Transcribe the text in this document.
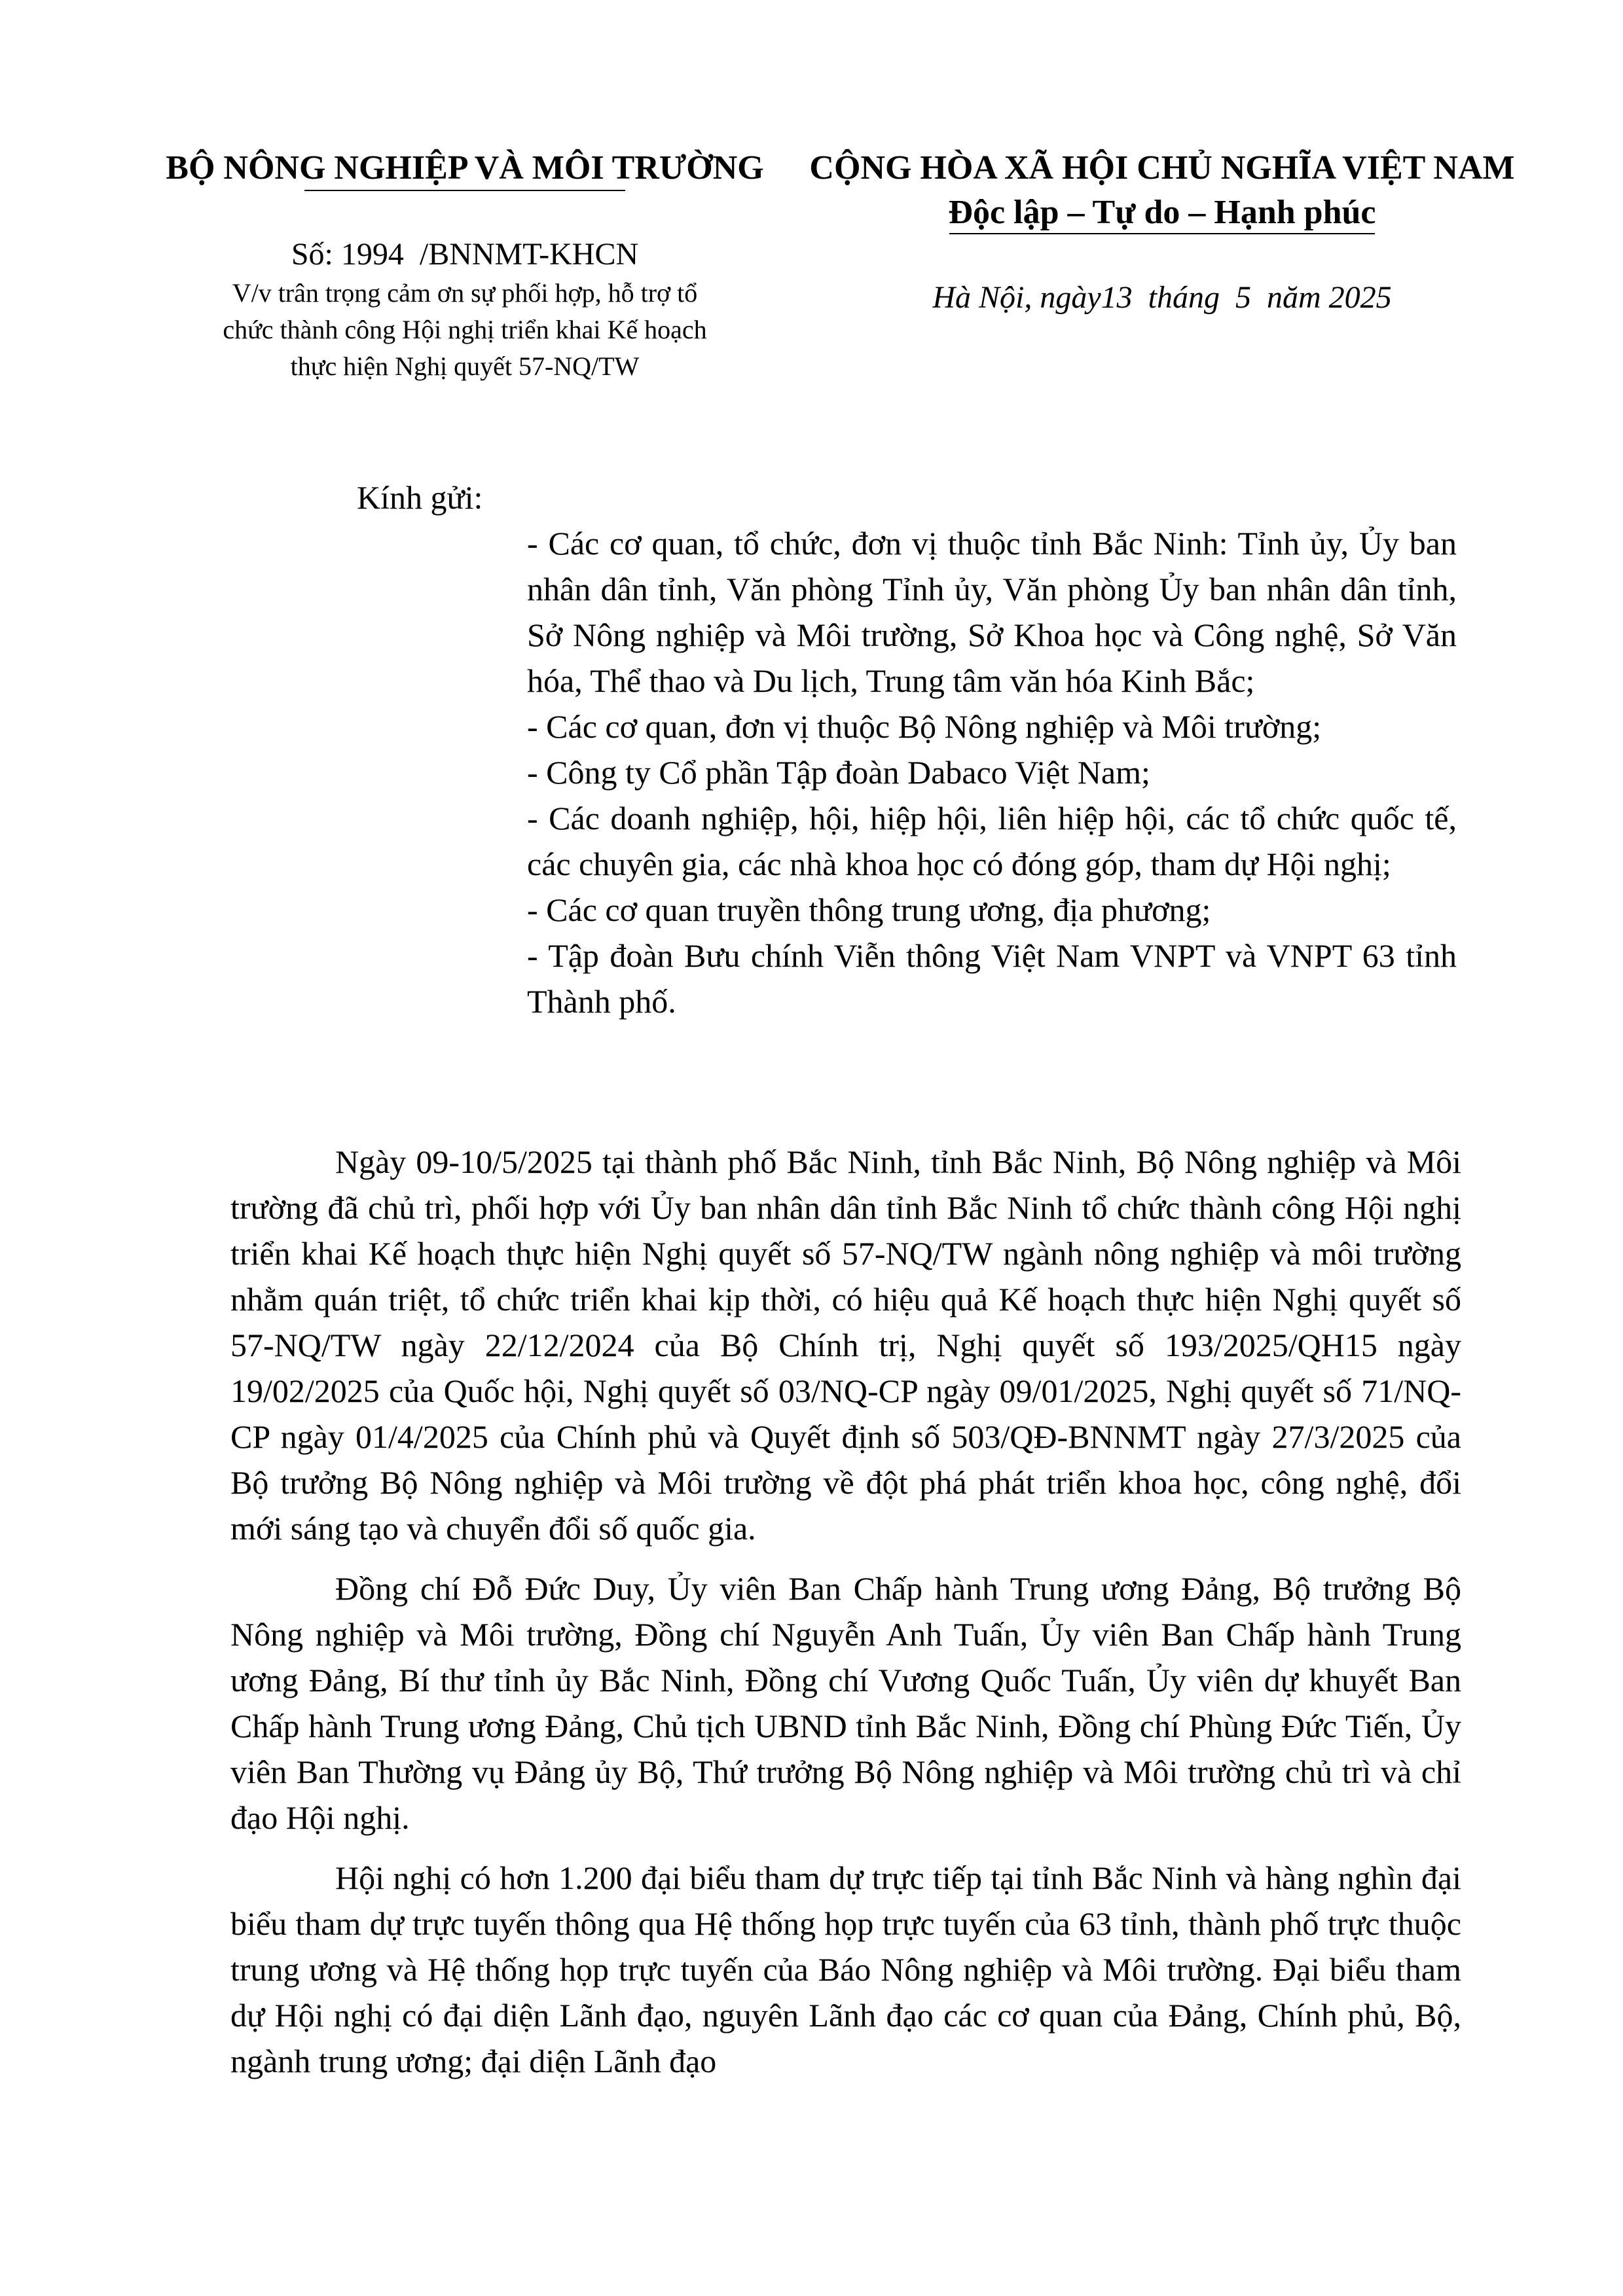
BỘ NÔNG NGHIỆP VÀ MÔI TRƯỜNG
Số: 1994  /BNNMT-KHCN
V/v trân trọng cảm ơn sự phối hợp, hỗ trợ tổ
chức thành công Hội nghị triển khai Kế hoạch
thực hiện Nghị quyết 57-NQ/TW
CỘNG HÒA XÃ HỘI CHỦ NGHĨA VIỆT NAM
Độc lập – Tự do – Hạnh phúc
Hà Nội, ngày13  tháng  5  năm 2025
Kính gửi:
- Các cơ quan, tổ chức, đơn vị thuộc tỉnh Bắc Ninh: Tỉnh ủy, Ủy ban nhân dân tỉnh, Văn phòng Tỉnh ủy, Văn phòng Ủy ban nhân dân tỉnh, Sở Nông nghiệp và Môi trường, Sở Khoa học và Công nghệ, Sở Văn hóa, Thể thao và Du lịch, Trung tâm văn hóa Kinh Bắc;
- Các cơ quan, đơn vị thuộc Bộ Nông nghiệp và Môi trường;
- Công ty Cổ phần Tập đoàn Dabaco Việt Nam;
- Các doanh nghiệp, hội, hiệp hội, liên hiệp hội, các tổ chức quốc tế, các chuyên gia, các nhà khoa học có đóng góp, tham dự Hội nghị;
- Các cơ quan truyền thông trung ương, địa phương;
- Tập đoàn Bưu chính Viễn thông Việt Nam VNPT và VNPT 63 tỉnh Thành phố.

Ngày 09-10/5/2025 tại thành phố Bắc Ninh, tỉnh Bắc Ninh, Bộ Nông nghiệp và Môi trường đã chủ trì, phối hợp với Ủy ban nhân dân tỉnh Bắc Ninh tổ chức thành công Hội nghị triển khai Kế hoạch thực hiện Nghị quyết số 57-NQ/TW ngành nông nghiệp và môi trường nhằm quán triệt, tổ chức triển khai kịp thời, có hiệu quả Kế hoạch thực hiện Nghị quyết số 57-NQ/TW ngày 22/12/2024 của Bộ Chính trị, Nghị quyết số 193/2025/QH15 ngày 19/02/2025 của Quốc hội, Nghị quyết số 03/NQ-CP ngày 09/01/2025, Nghị quyết số 71/NQ-CP ngày 01/4/2025 của Chính phủ và Quyết định số 503/QĐ-BNNMT ngày 27/3/2025 của Bộ trưởng Bộ Nông nghiệp và Môi trường về đột phá phát triển khoa học, công nghệ, đổi mới sáng tạo và chuyển đổi số quốc gia.

Đồng chí Đỗ Đức Duy, Ủy viên Ban Chấp hành Trung ương Đảng, Bộ trưởng Bộ Nông nghiệp và Môi trường, Đồng chí Nguyễn Anh Tuấn, Ủy viên Ban Chấp hành Trung ương Đảng, Bí thư tỉnh ủy Bắc Ninh, Đồng chí Vương Quốc Tuấn, Ủy viên dự khuyết Ban Chấp hành Trung ương Đảng, Chủ tịch UBND tỉnh Bắc Ninh, Đồng chí Phùng Đức Tiến, Ủy viên Ban Thường vụ Đảng ủy Bộ, Thứ trưởng Bộ Nông nghiệp và Môi trường chủ trì và chỉ đạo Hội nghị.

Hội nghị có hơn 1.200 đại biểu tham dự trực tiếp tại tỉnh Bắc Ninh và hàng nghìn đại biểu tham dự trực tuyến thông qua Hệ thống họp trực tuyến của 63 tỉnh, thành phố trực thuộc trung ương và Hệ thống họp trực tuyến của Báo Nông nghiệp và Môi trường. Đại biểu tham dự Hội nghị có đại diện Lãnh đạo, nguyên Lãnh đạo các cơ quan của Đảng, Chính phủ, Bộ, ngành trung ương; đại diện Lãnh đạo
